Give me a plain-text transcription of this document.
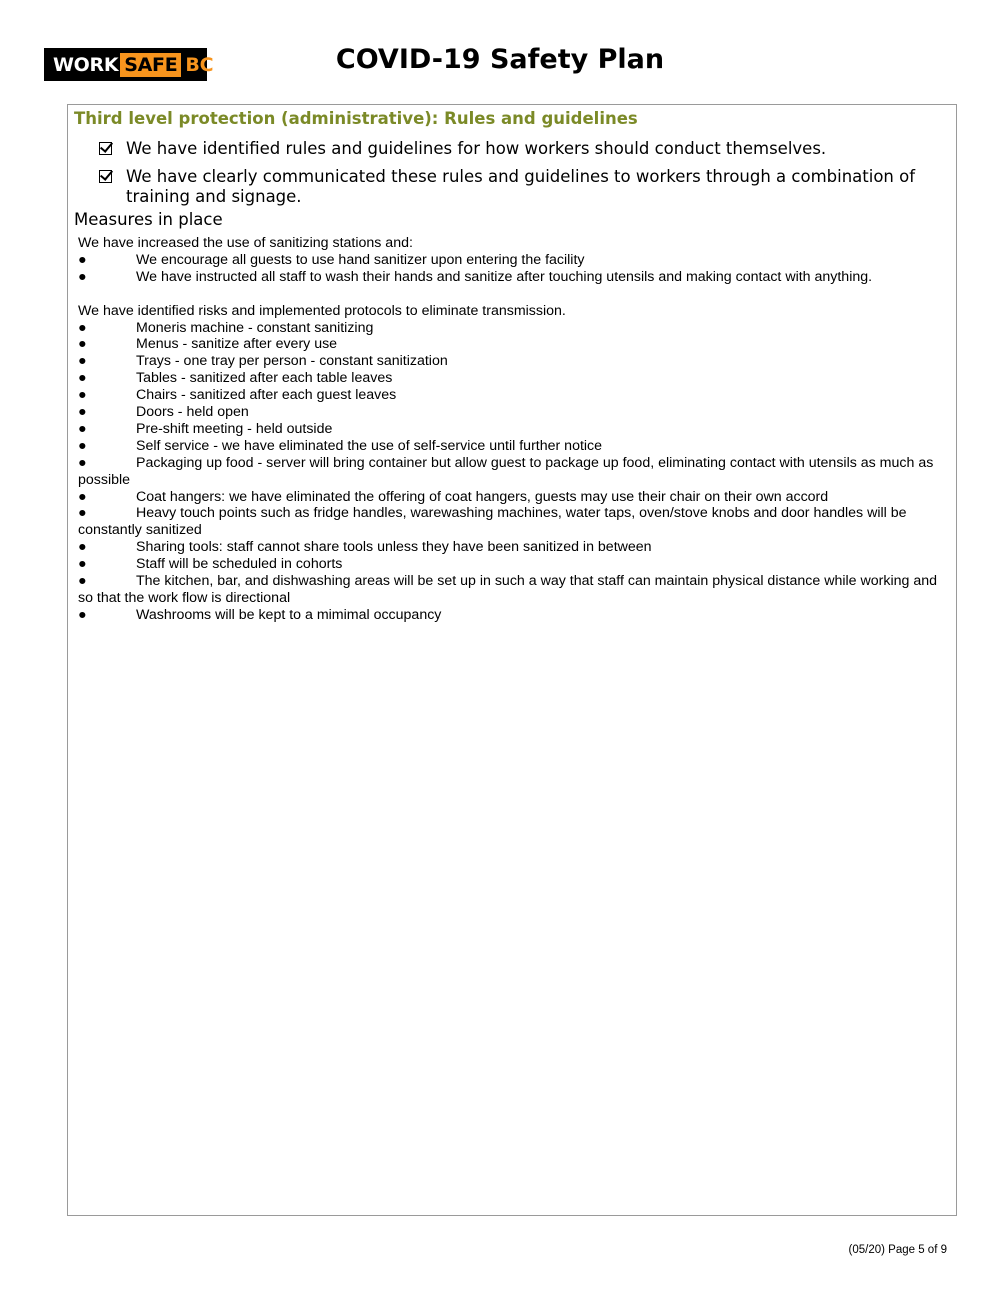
WORK SAFE BC	COVID-19 Safety Plan
Third level protection (administrative): Rules and guidelines
We have identified rules and guidelines for how workers should conduct themselves.
We have clearly communicated these rules and guidelines to workers through a combination of training and signage.
Measures in place
We have increased the use of sanitizing stations and:
●	We encourage all guests to use hand sanitizer upon entering the facility
●	We have instructed all staff to wash their hands and sanitize after touching utensils and making contact with anything.
We have identified risks and implemented protocols to eliminate transmission.
●	Moneris machine - constant sanitizing
●	Menus - sanitize after every use
●	Trays - one tray per person - constant sanitization
●	Tables - sanitized after each table leaves
●	Chairs - sanitized after each guest leaves
●	Doors - held open
●	Pre-shift meeting - held outside
●	Self service - we have eliminated the use of self-service until further notice
●	Packaging up food - server will bring container but allow guest to package up food, eliminating contact with utensils as much as possible
●	Coat hangers: we have eliminated the offering of coat hangers, guests may use their chair on their own accord
●	Heavy touch points such as fridge handles, warewashing machines, water taps, oven/stove knobs and door handles will be constantly sanitized
●	Sharing tools: staff cannot share tools unless they have been sanitized in between
●	Staff will be scheduled in cohorts
●	The kitchen, bar, and dishwashing areas will be set up in such a way that staff can maintain physical distance while working and so that the work flow is directional
●	Washrooms will be kept to a mimimal occupancy
(05/20) Page 5 of 9
